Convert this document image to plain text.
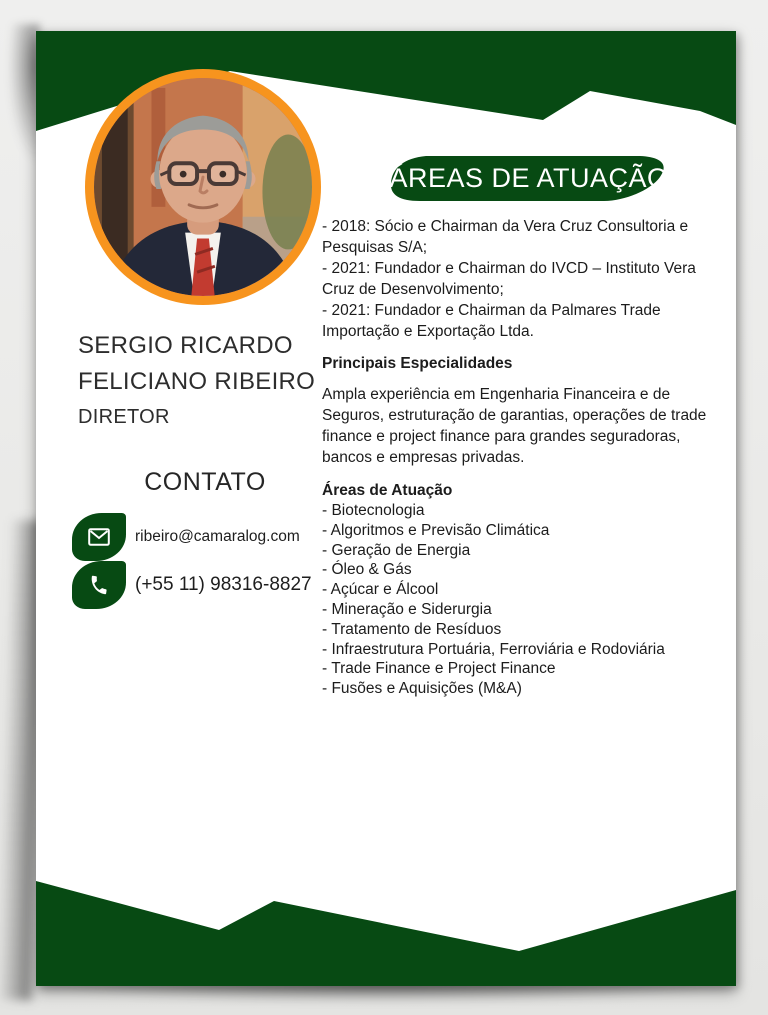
ÁREAS DE ATUAÇÃO
SERGIO RICARDO
FELICIANO RIBEIRO
DIRETOR
CONTATO
ribeiro@camaralog.com
(+55 11) 98316-8827
- 2018: Sócio e Chairman da Vera Cruz Consultoria e Pesquisas S/A;
- 2021: Fundador e Chairman do IVCD – Instituto Vera Cruz de Desenvolvimento;
- 2021: Fundador e Chairman da Palmares Trade Importação e Exportação Ltda.
Principais Especialidades

Ampla experiência em Engenharia Financeira e de Seguros, estruturação de garantias, operações de trade finance e project finance para grandes seguradoras, bancos e empresas privadas.

Áreas de Atuação
- Biotecnologia
- Algoritmos e Previsão Climática
- Geração de Energia
- Óleo & Gás
- Açúcar e Álcool
- Mineração e Siderurgia
- Tratamento de Resíduos
- Infraestrutura Portuária, Ferroviária e Rodoviária
- Trade Finance e Project Finance
- Fusões e Aquisições (M&A)
